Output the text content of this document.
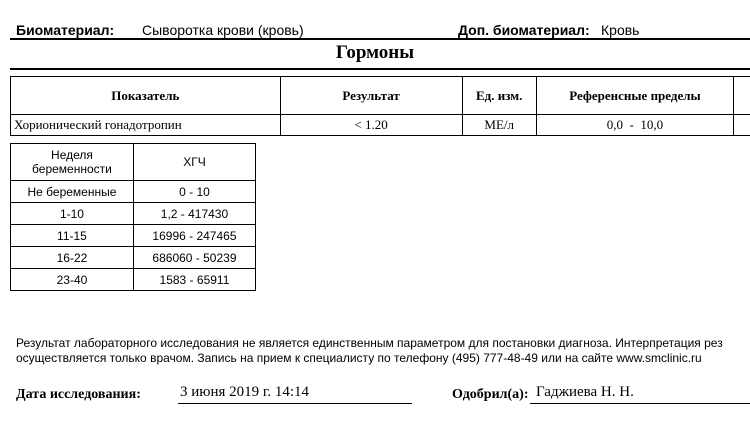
Биоматериал: Сыворотка крови (кровь)	Доп. биоматериал: Кровь
Гормоны
Показатель	Результат	Ед. изм.	Референсные пределы	
Хорионический гонадотропин	< 1.20	МЕ/л	0,0  -  10,0	
Неделя беременности	ХГЧ
Не беременные	0 - 10
1-10	1,2 - 417430
11-15	16996 - 247465
16-22	686060 - 50239
23-40	1583 - 65911
Результат лабораторного исследования не является единственным параметром для постановки диагноза. Интерпретация рез
осуществляется только врачом. Запись на прием к специалисту по телефону (495) 777-48-49 или на сайте www.smclinic.ru
Дата исследования:	3 июня 2019 г. 14:14	Одобрил(а): Гаджиева Н. Н.
